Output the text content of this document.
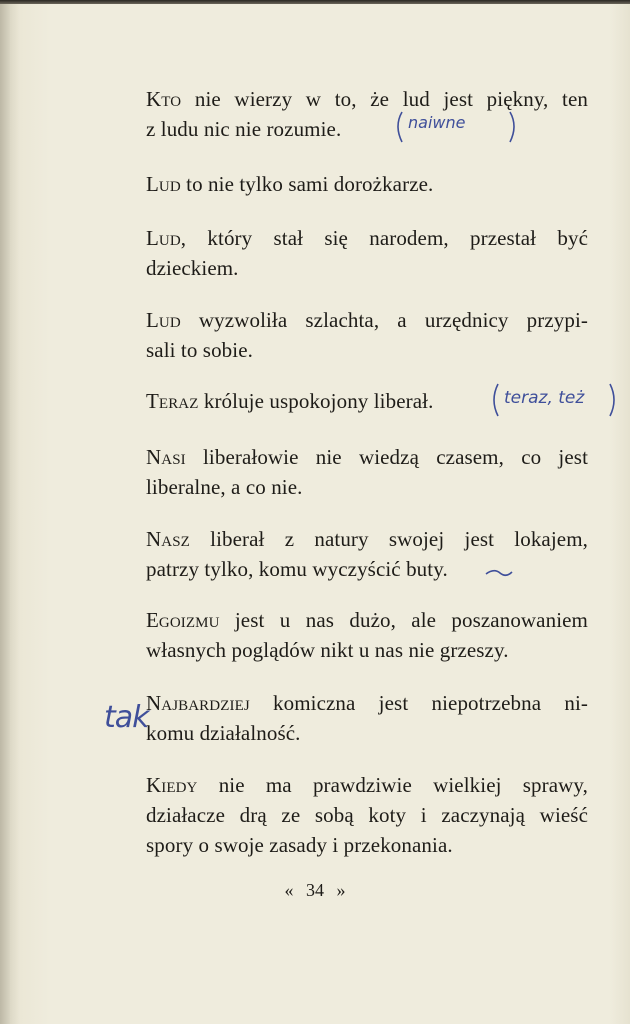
Kto nie wierzy w to, że lud jest piękny, ten
z ludu nic nie rozumie.
Lud to nie tylko sami dorożkarze.
Lud, który stał się narodem, przestał być
dzieckiem.
Lud wyzwoliła szlachta, a urzędnicy przypi-
sali to sobie.
Teraz króluje uspokojony liberał.
Nasi liberałowie nie wiedzą czasem, co jest
liberalne, a co nie.
Nasz liberał z natury swojej jest lokajem,
patrzy tylko, komu wyczyścić buty.
Egoizmu jest u nas dużo, ale poszanowaniem
własnych poglądów nikt u nas nie grzeszy.
Najbardziej komiczna jest niepotrzebna ni-
komu działalność.
Kiedy nie ma prawdziwie wielkiej sprawy,
działacze drą ze sobą koty i zaczynają wieść
spory o swoje zasady i przekonania.
naiwne
teraz, też
tak
« 34 »
